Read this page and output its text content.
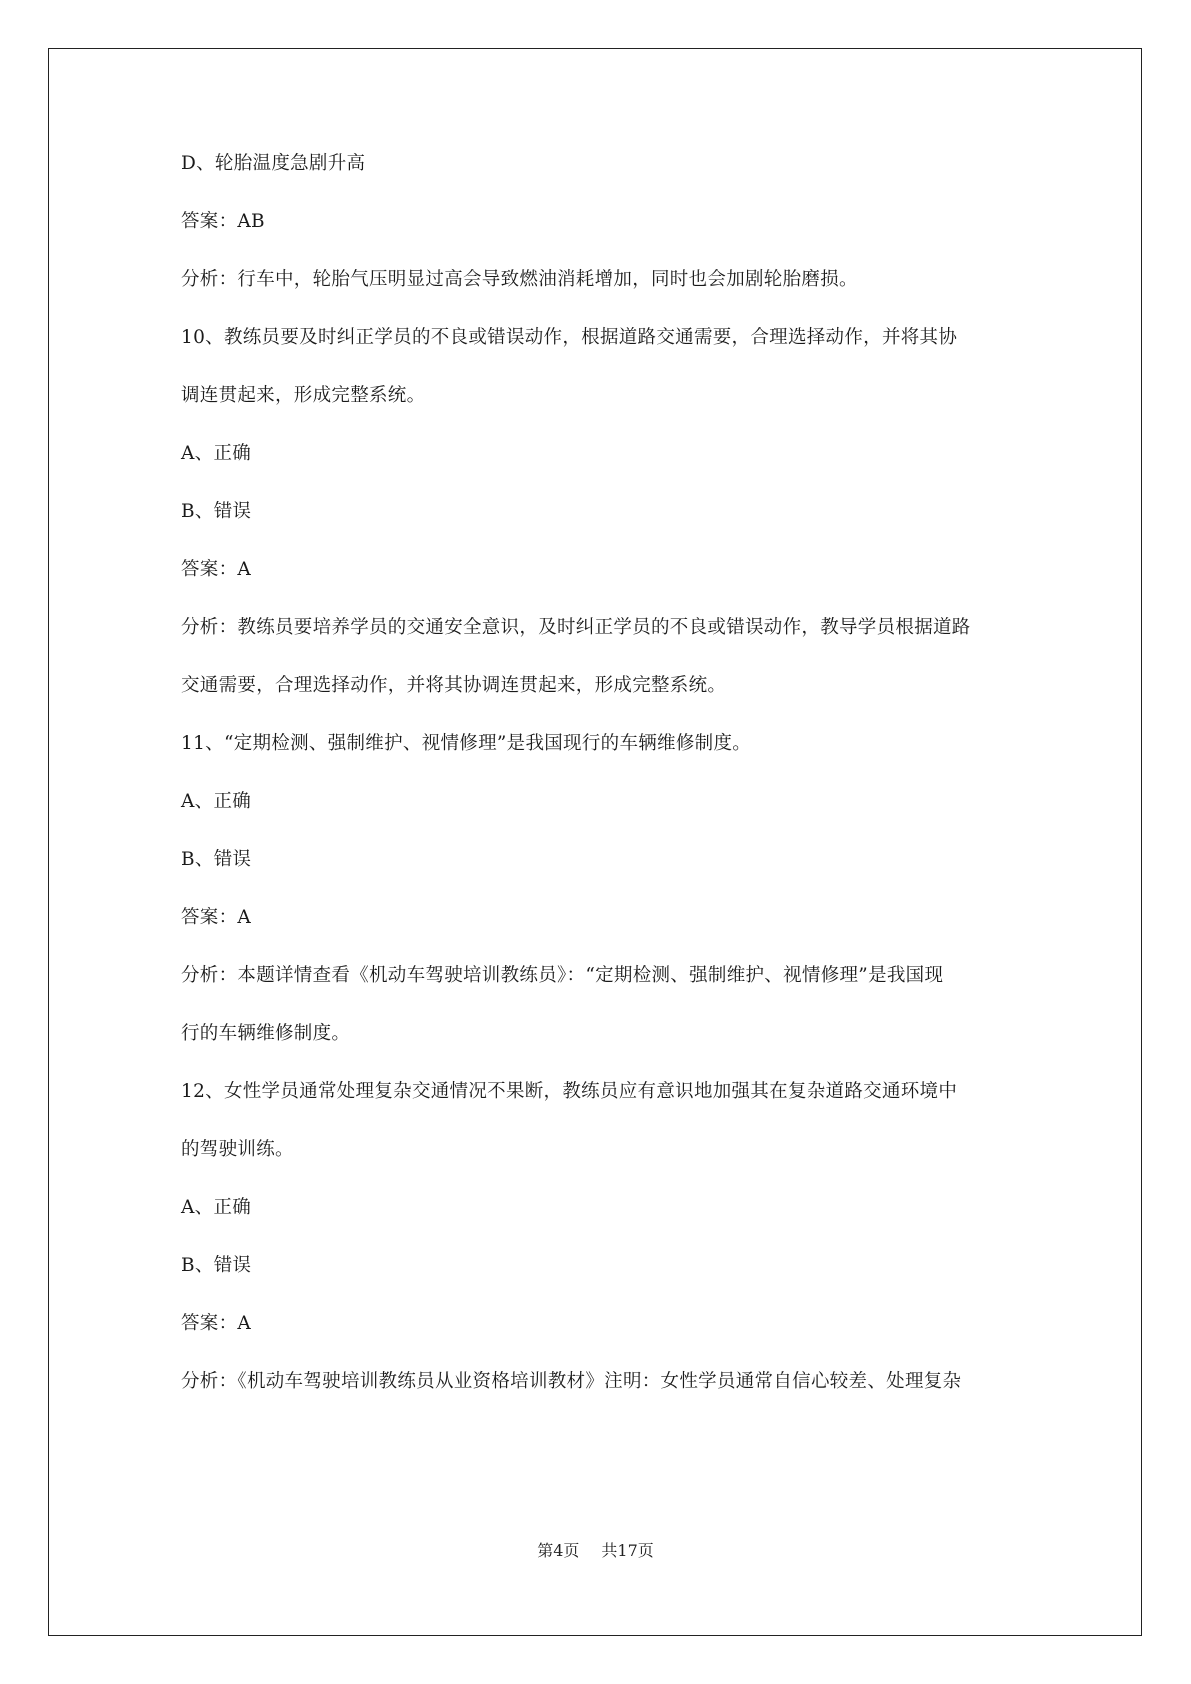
D、轮胎温度急剧升高
答案：AB
分析：行车中，轮胎气压明显过高会导致燃油消耗增加，同时也会加剧轮胎磨损。
10、教练员要及时纠正学员的不良或错误动作，根据道路交通需要，合理选择动作，并将其协
调连贯起来，形成完整系统。
A、正确
B、错误
答案：A
分析：教练员要培养学员的交通安全意识，及时纠正学员的不良或错误动作，教导学员根据道路
交通需要，合理选择动作，并将其协调连贯起来，形成完整系统。
11、“定期检测、强制维护、视情修理”是我国现行的车辆维修制度。
A、正确
B、错误
答案：A
分析：本题详情查看《机动车驾驶培训教练员》：“定期检测、强制维护、视情修理”是我国现
行的车辆维修制度。
12、女性学员通常处理复杂交通情况不果断，教练员应有意识地加强其在复杂道路交通环境中
的驾驶训练。
A、正确
B、错误
答案：A
分析：《机动车驾驶培训教练员从业资格培训教材》注明：女性学员通常自信心较差、处理复杂
第4页 共17页
